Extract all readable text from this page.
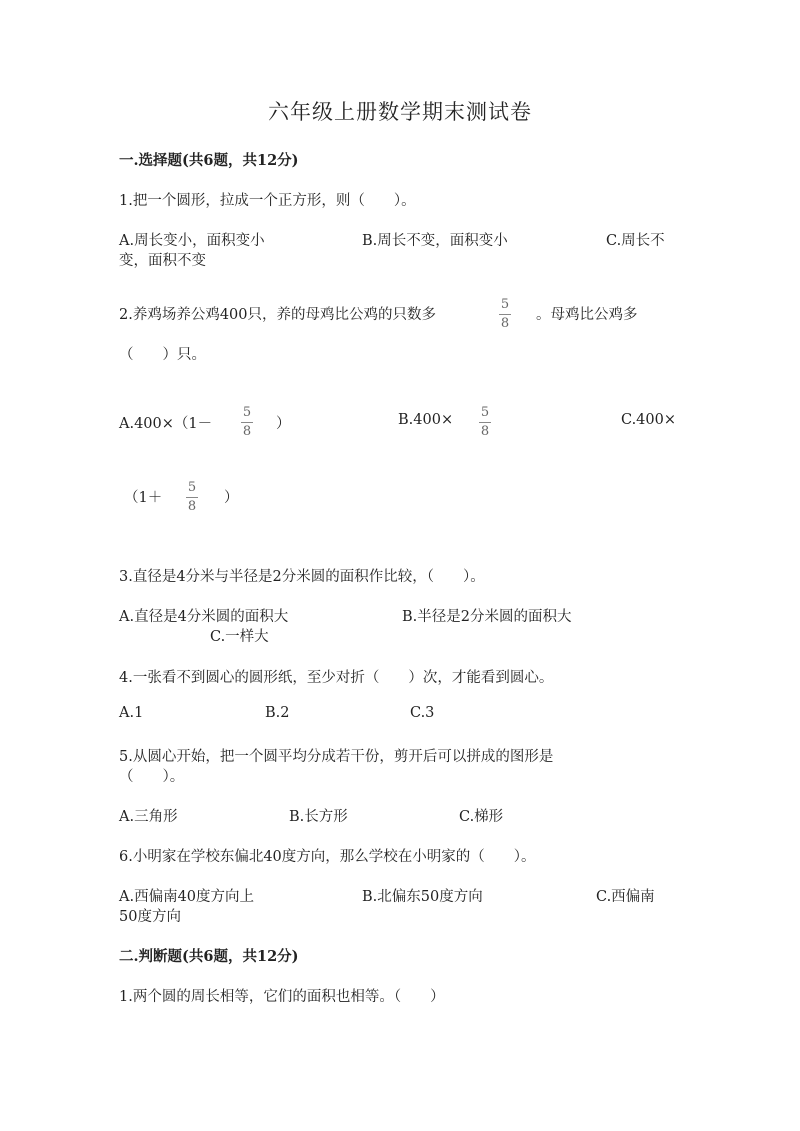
六年级上册数学期末测试卷
一.选择题(共6题，共12分)
1.把一个圆形，拉成一个正方形，则（　　）。
A.周长变小，面积变小	B.周长不变，面积变小	C.周长不
变，面积不变
2.养鸡场养公鸡400只，养的母鸡比公鸡的只数多
5
8
。母鸡比公鸡多
（　　）只。
A.400×（1－
5
8 ）	B.400× 5
8
C.400×
（1＋
5
8
）
3.直径是4分米与半径是2分米圆的面积作比较，（　　）。
A.直径是4分米圆的面积大	B.半径是2分米圆的面积大
C.一样大
4.一张看不到圆心的圆形纸，至少对折（　　）次，才能看到圆心。
A.1	B.2	C.3
5.从圆心开始，把一个圆平均分成若干份，剪开后可以拼成的图形是
（　　）。
A.三角形	B.长方形	C.梯形
6.小明家在学校东偏北40度方向，那么学校在小明家的（　　）。
A.西偏南40度方向上	B.北偏东50度方向	C.西偏南
50度方向
二.判断题(共6题，共12分)
1.两个圆的周长相等，它们的面积也相等。（　　）
